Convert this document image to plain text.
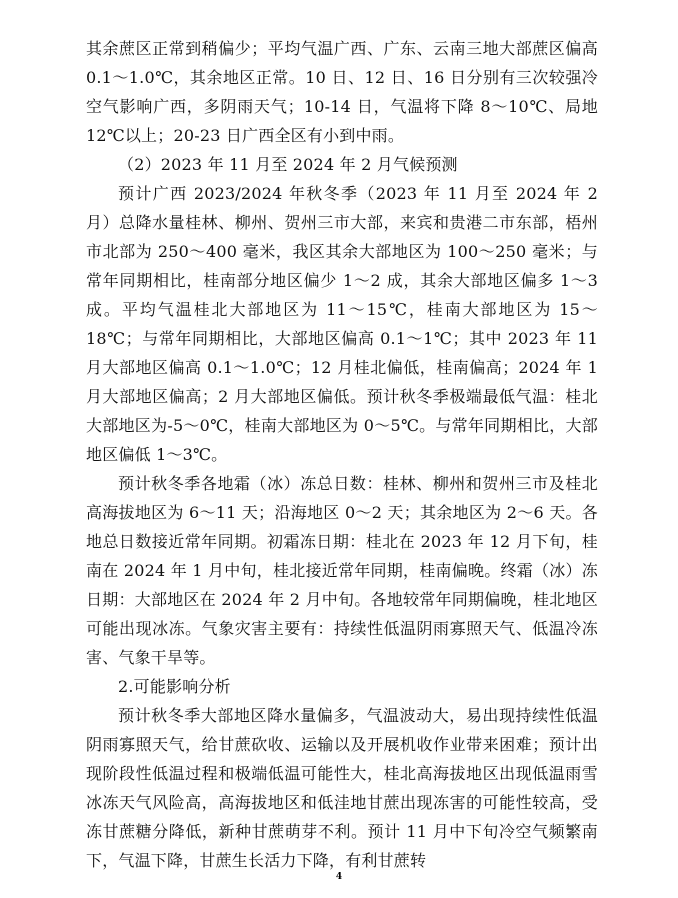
其余蔗区正常到稍偏少；平均气温广西、广东、云南三地大部蔗区偏高 0.1～1.0℃，其余地区正常。10 日、12 日、16 日分别有三次较强冷空气影响广西，多阴雨天气；10-14 日，气温将下降 8～10℃、局地 12℃以上；20-23 日广西全区有小到中雨。

（2）2023 年 11 月至 2024 年 2 月气候预测

预计广西 2023/2024 年秋冬季（2023 年 11 月至 2024 年 2 月）总降水量桂林、柳州、贺州三市大部，来宾和贵港二市东部，梧州市北部为 250～400 毫米，我区其余大部地区为 100～250 毫米；与常年同期相比，桂南部分地区偏少 1～2 成，其余大部地区偏多 1～3 成。平均气温桂北大部地区为 11～15℃，桂南大部地区为 15～18℃；与常年同期相比，大部地区偏高 0.1～1℃；其中 2023 年 11 月大部地区偏高 0.1～1.0℃；12 月桂北偏低，桂南偏高；2024 年 1 月大部地区偏高；2 月大部地区偏低。预计秋冬季极端最低气温：桂北大部地区为-5～0℃，桂南大部地区为 0～5℃。与常年同期相比，大部地区偏低 1～3℃。

预计秋冬季各地霜（冰）冻总日数：桂林、柳州和贺州三市及桂北高海拔地区为 6～11 天；沿海地区 0～2 天；其余地区为 2～6 天。各地总日数接近常年同期。初霜冻日期：桂北在 2023 年 12 月下旬，桂南在 2024 年 1 月中旬，桂北接近常年同期，桂南偏晚。终霜（冰）冻日期：大部地区在 2024 年 2 月中旬。各地较常年同期偏晚，桂北地区可能出现冰冻。气象灾害主要有：持续性低温阴雨寡照天气、低温冷冻害、气象干旱等。

2.可能影响分析

预计秋冬季大部地区降水量偏多，气温波动大，易出现持续性低温阴雨寡照天气，给甘蔗砍收、运输以及开展机收作业带来困难；预计出现阶段性低温过程和极端低温可能性大，桂北高海拔地区出现低温雨雪冰冻天气风险高，高海拔地区和低洼地甘蔗出现冻害的可能性较高，受冻甘蔗糖分降低，新种甘蔗萌芽不利。预计 11 月中下旬冷空气频繁南下，气温下降，甘蔗生长活力下降，有利甘蔗转

4
